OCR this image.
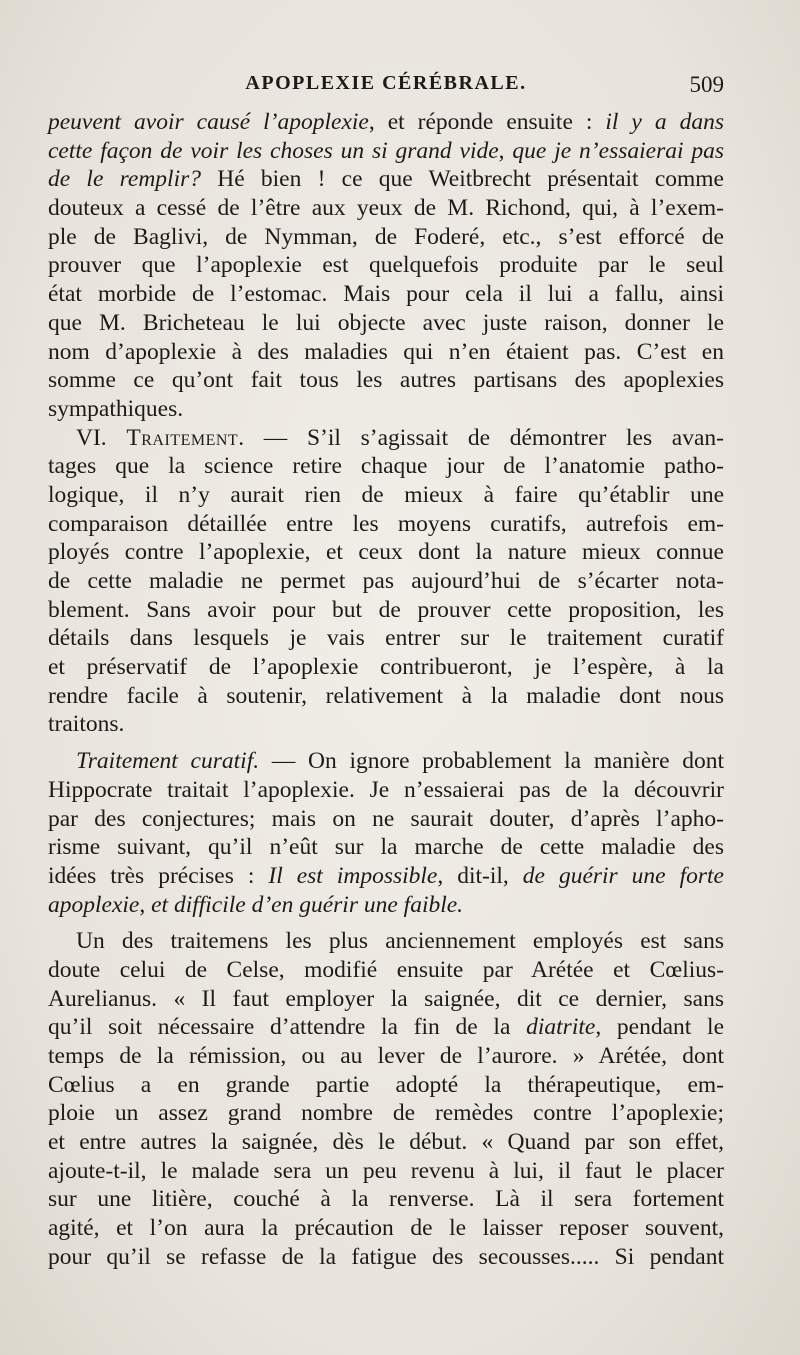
APOPLEXIE CÉRÉBRALE.	509
peuvent avoir causé l’apoplexie, et réponde ensuite : il y a dans
cette façon de voir les choses un si grand vide, que je n’essaierai pas
de le remplir? Hé bien ! ce que Weitbrecht présentait comme
douteux a cessé de l’être aux yeux de M. Richond, qui, à l’exem-
ple de Baglivi, de Nymman, de Foderé, etc., s’est efforcé de
prouver que l’apoplexie est quelquefois produite par le seul
état morbide de l’estomac. Mais pour cela il lui a fallu, ainsi
que M. Bricheteau le lui objecte avec juste raison, donner le
nom d’apoplexie à des maladies qui n’en étaient pas. C’est en
somme ce qu’ont fait tous les autres partisans des apoplexies
sympathiques.
VI. Traitement. — S’il s’agissait de démontrer les avan-
tages que la science retire chaque jour de l’anatomie patho-
logique, il n’y aurait rien de mieux à faire qu’établir une
comparaison détaillée entre les moyens curatifs, autrefois em-
ployés contre l’apoplexie, et ceux dont la nature mieux connue
de cette maladie ne permet pas aujourd’hui de s’écarter nota-
blement. Sans avoir pour but de prouver cette proposition, les
détails dans lesquels je vais entrer sur le traitement curatif
et préservatif de l’apoplexie contribueront, je l’espère, à la
rendre facile à soutenir, relativement à la maladie dont nous
traitons.
Traitement curatif. — On ignore probablement la manière dont
Hippocrate traitait l’apoplexie. Je n’essaierai pas de la découvrir
par des conjectures; mais on ne saurait douter, d’après l’apho-
risme suivant, qu’il n’eût sur la marche de cette maladie des
idées très précises : Il est impossible, dit-il, de guérir une forte
apoplexie, et difficile d’en guérir une faible.
Un des traitemens les plus anciennement employés est sans
doute celui de Celse, modifié ensuite par Arétée et Cœlius-
Aurelianus. « Il faut employer la saignée, dit ce dernier, sans
qu’il soit nécessaire d’attendre la fin de la diatrite, pendant le
temps de la rémission, ou au lever de l’aurore. » Arétée, dont
Cœlius a en grande partie adopté la thérapeutique, em-
ploie un assez grand nombre de remèdes contre l’apoplexie;
et entre autres la saignée, dès le début. « Quand par son effet,
ajoute-t-il, le malade sera un peu revenu à lui, il faut le placer
sur une litière, couché à la renverse. Là il sera fortement
agité, et l’on aura la précaution de le laisser reposer souvent,
pour qu’il se refasse de la fatigue des secousses..... Si pendant
